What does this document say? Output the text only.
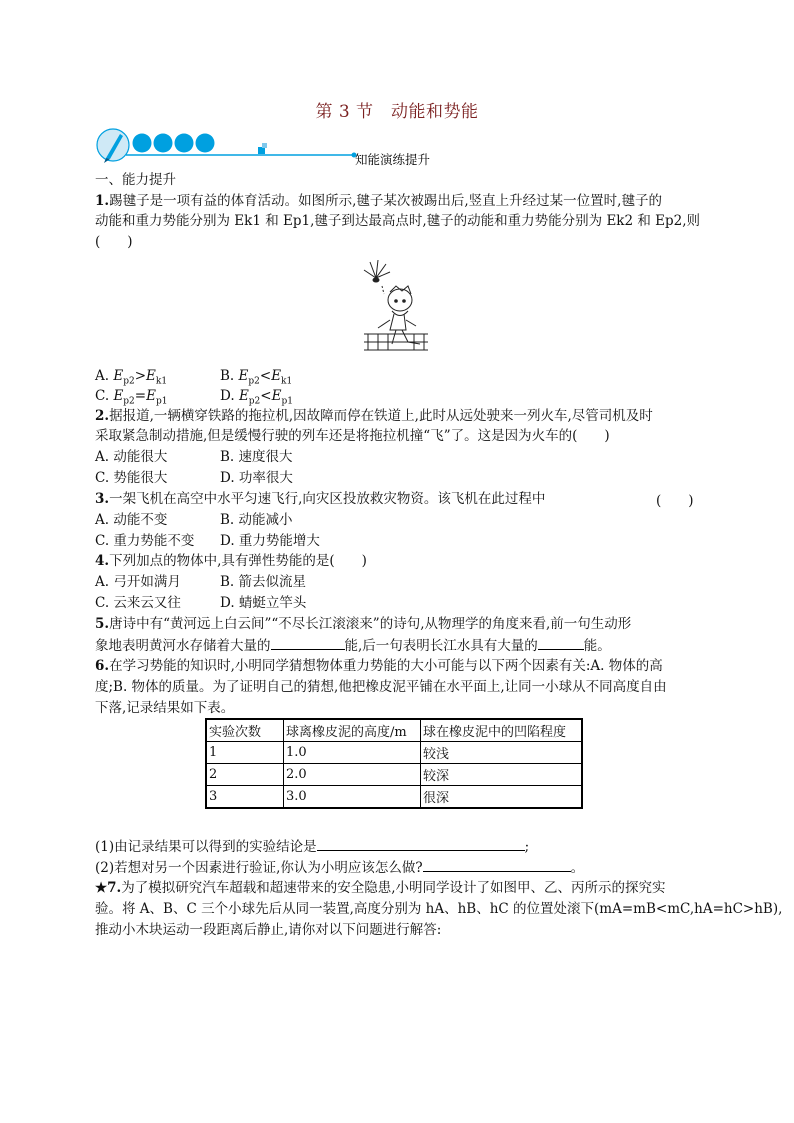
第 3 节　动能和势能
知能演练提升
一、能力提升
1.踢毽子是一项有益的体育活动。如图所示,毽子某次被踢出后,竖直上升经过某一位置时,毽子的
动能和重力势能分别为 Ek1 和 Ep1,毽子到达最高点时,毽子的动能和重力势能分别为 Ek2 和 Ep2,则
(　　)
A. $E_{p2}>E_{k1}$	B. $E_{p2}<E_{k1}$
C. $E_{p2}=E_{p1}$	D. $E_{p2}<E_{p1}$
2.据报道,一辆横穿铁路的拖拉机,因故障而停在铁道上,此时从远处驶来一列火车,尽管司机及时
采取紧急制动措施,但是缓慢行驶的列车还是将拖拉机撞“飞”了。这是因为火车的(　　)
A. 动能很大	B. 速度很大
C. 势能很大	D. 功率很大
3.一架飞机在高空中水平匀速飞行,向灾区投放救灾物资。该飞机在此过程中	(　　)
A. 动能不变	B. 动能减小
C. 重力势能不变 D. 重力势能增大
4.下列加点的物体中,具有弹性势能的是(　　)
A. 弓开如满月	B. 箭去似流星
C. 云来云又往	D. 蜻蜓立竿头
5.唐诗中有“黄河远上白云间”“不尽长江滚滚来”的诗句,从物理学的角度来看,前一句生动形
象地表明黄河水存储着大量的	能,后一句表明长江水具有大量的	能。
6.在学习势能的知识时,小明同学猜想物体重力势能的大小可能与以下两个因素有关:A. 物体的高
度;B. 物体的质量。为了证明自己的猜想,他把橡皮泥平铺在水平面上,让同一小球从不同高度自由
下落,记录结果如下表。
实验次数	球离橡皮泥的高度/m	球在橡皮泥中的凹陷程度
1	1.0	较浅
2	2.0	较深
3	3.0	很深
(1)由记录结果可以得到的实验结论是	;
(2)若想对另一个因素进行验证,你认为小明应该怎么做?	。
★7.为了模拟研究汽车超载和超速带来的安全隐患,小明同学设计了如图甲、乙、丙所示的探究实
验。将 A、B、C 三个小球先后从同一装置,高度分别为 hA、hB、hC 的位置处滚下(mA=mB<mC,hA=hC>hB),
推动小木块运动一段距离后静止,请你对以下问题进行解答:
